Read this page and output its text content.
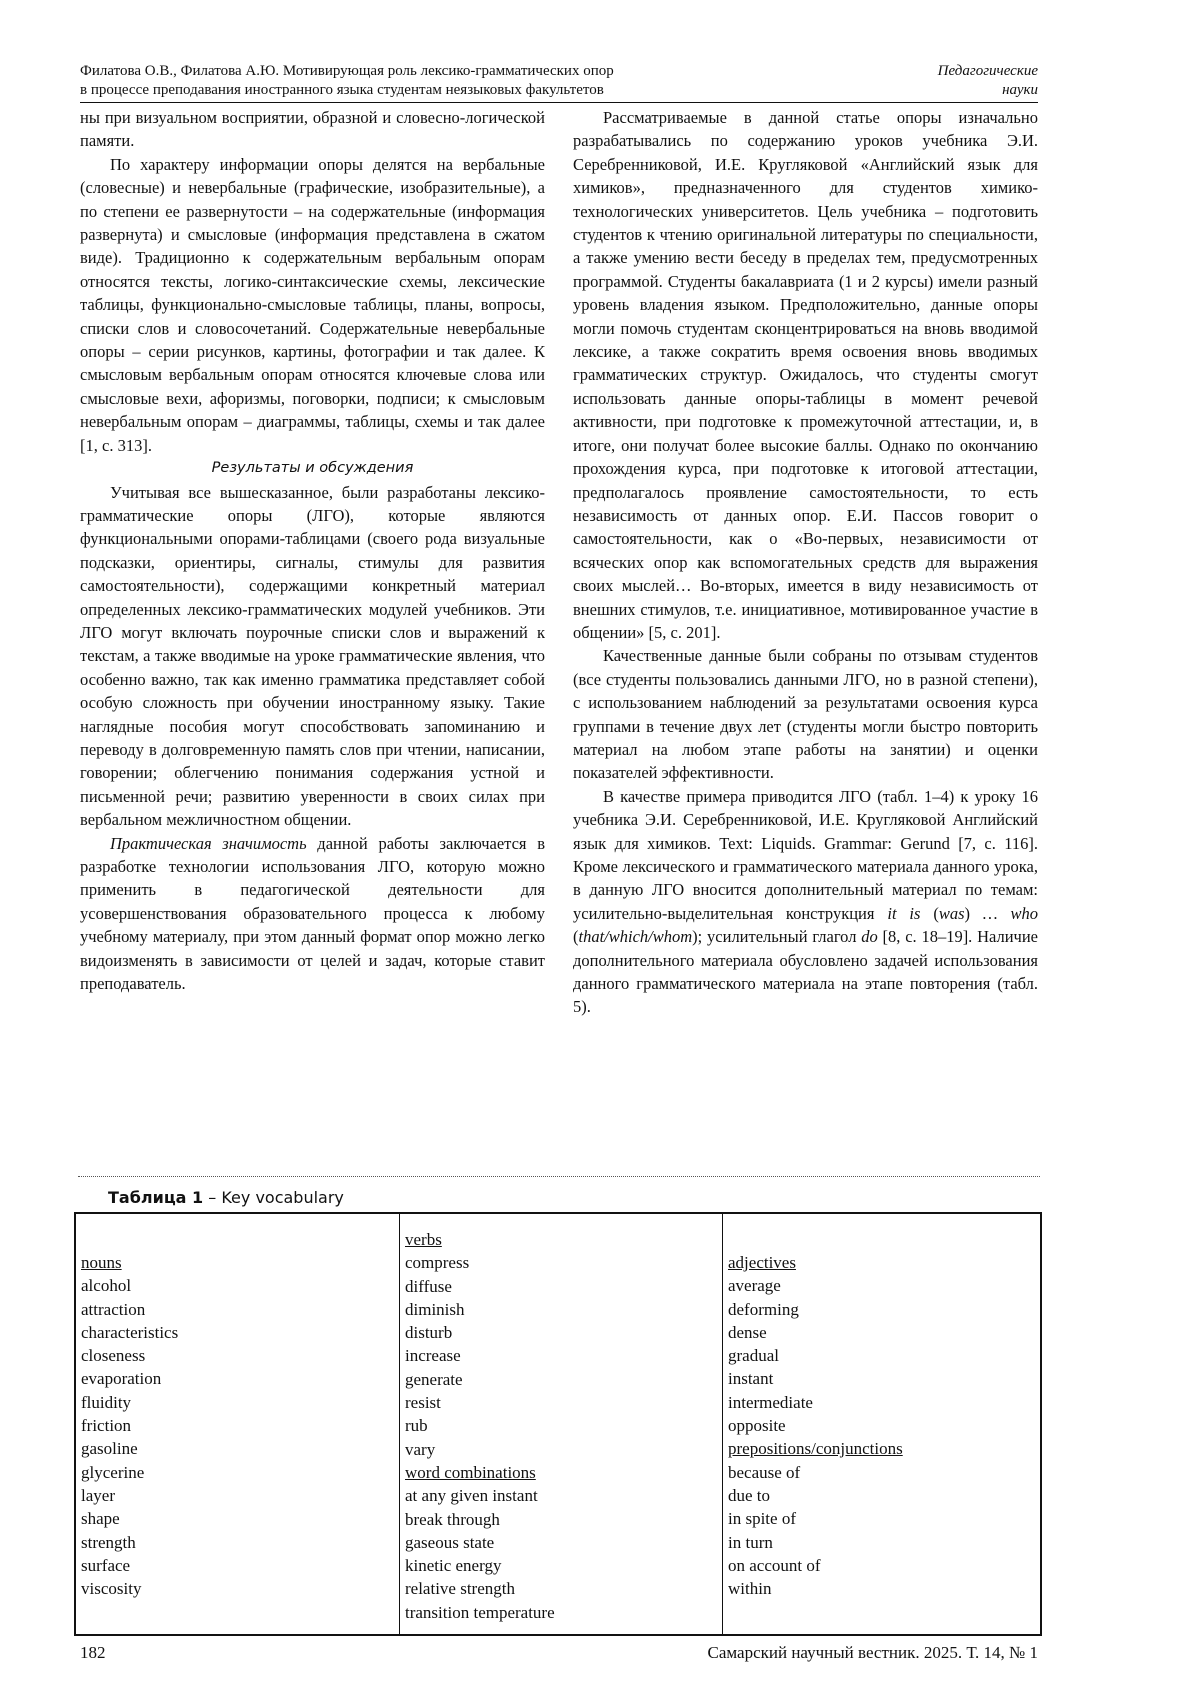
Филатова О.В., Филатова А.Ю. Мотивирующая роль лексико-грамматических опор
в процессе преподавания иностранного языка студентам неязыковых факультетов
Педагогические
науки

ны при визуальном восприятии, образной и словесно-логической памяти.

По характеру информации опоры делятся на вербальные (словесные) и невербальные (графические, изобразительные), а по степени ее развернутости – на содержательные (информация развернута) и смысловые (информация представлена в сжатом виде). Традиционно к содержательным вербальным опорам относятся тексты, логико-синтаксические схемы, лексические таблицы, функционально-смысловые таблицы, планы, вопросы, списки слов и словосочетаний. Содержательные невербальные опоры – серии рисунков, картины, фотографии и так далее. К смысловым вербальным опорам относятся ключевые слова или смысловые вехи, афоризмы, поговорки, подписи; к смысловым невербальным опорам – диаграммы, таблицы, схемы и так далее [1, с. 313].

Результаты и обсуждения

Учитывая все вышесказанное, были разработаны лексико-грамматические опоры (ЛГО), которые являются функциональными опорами-таблицами (своего рода визуальные подсказки, ориентиры, сигналы, стимулы для развития самостоятельности), содержащими конкретный материал определенных лексико-грамматических модулей учебников. Эти ЛГО могут включать поурочные списки слов и выражений к текстам, а также вводимые на уроке грамматические явления, что особенно важно, так как именно грамматика представляет собой особую сложность при обучении иностранному языку. Такие наглядные пособия могут способствовать запоминанию и переводу в долговременную память слов при чтении, написании, говорении; облегчению понимания содержания устной и письменной речи; развитию уверенности в своих силах при вербальном межличностном общении.

Практическая значимость данной работы заключается в разработке технологии использования ЛГО, которую можно применить в педагогической деятельности для усовершенствования образовательного процесса к любому учебному материалу, при этом данный формат опор можно легко видоизменять в зависимости от целей и задач, которые ставит преподаватель.

Рассматриваемые в данной статье опоры изначально разрабатывались по содержанию уроков учебника Э.И. Серебренниковой, И.Е. Кругляковой «Английский язык для химиков», предназначенного для студентов химико-технологических университетов. Цель учебника – подготовить студентов к чтению оригинальной литературы по специальности, а также умению вести беседу в пределах тем, предусмотренных программой. Студенты бакалавриата (1 и 2 курсы) имели разный уровень владения языком. Предположительно, данные опоры могли помочь студентам сконцентрироваться на вновь вводимой лексике, а также сократить время освоения вновь вводимых грамматических структур. Ожидалось, что студенты смогут использовать данные опоры-таблицы в момент речевой активности, при подготовке к промежуточной аттестации, и, в итоге, они получат более высокие баллы. Однако по окончанию прохождения курса, при подготовке к итоговой аттестации, предполагалось проявление самостоятельности, то есть независимость от данных опор. Е.И. Пассов говорит о самостоятельности, как о «Во-первых, независимости от всяческих опор как вспомогательных средств для выражения своих мыслей… Во-вторых, имеется в виду независимость от внешних стимулов, т.е. инициативное, мотивированное участие в общении» [5, с. 201].

Качественные данные были собраны по отзывам студентов (все студенты пользовались данными ЛГО, но в разной степени), с использованием наблюдений за результатами освоения курса группами в течение двух лет (студенты могли быстро повторить материал на любом этапе работы на занятии) и оценки показателей эффективности.

В качестве примера приводится ЛГО (табл. 1–4) к уроку 16 учебника Э.И. Серебренниковой, И.Е. Кругляковой Английский язык для химиков. Text: Liquids. Grammar: Gerund [7, с. 116]. Кроме лексического и грамматического материала данного урока, в данную ЛГО вносится дополнительный материал по темам: усилительно-выделительная конструкция it is (was) … who (that/which/whom); усилительный глагол do [8, с. 18–19]. Наличие дополнительного материала обусловлено задачей использования данного грамматического материала на этапе повторения (табл. 5).

Таблица 1 – Key vocabulary
nouns
alcohol
attraction
characteristics
closeness
evaporation
fluidity
friction
gasoline
glycerine
layer
shape
strength
surface
viscosity
verbs
compress
diffuse
diminish
disturb
increase
generate
resist
rub
vary
word combinations
at any given instant
break through
gaseous state
kinetic energy
relative strength
transition temperature
adjectives
average
deforming
dense
gradual
instant
intermediate
opposite
prepositions/conjunctions
because of
due to
in spite of
in turn
on account of
within
182	Самарский научный вестник. 2025. Т. 14, № 1
